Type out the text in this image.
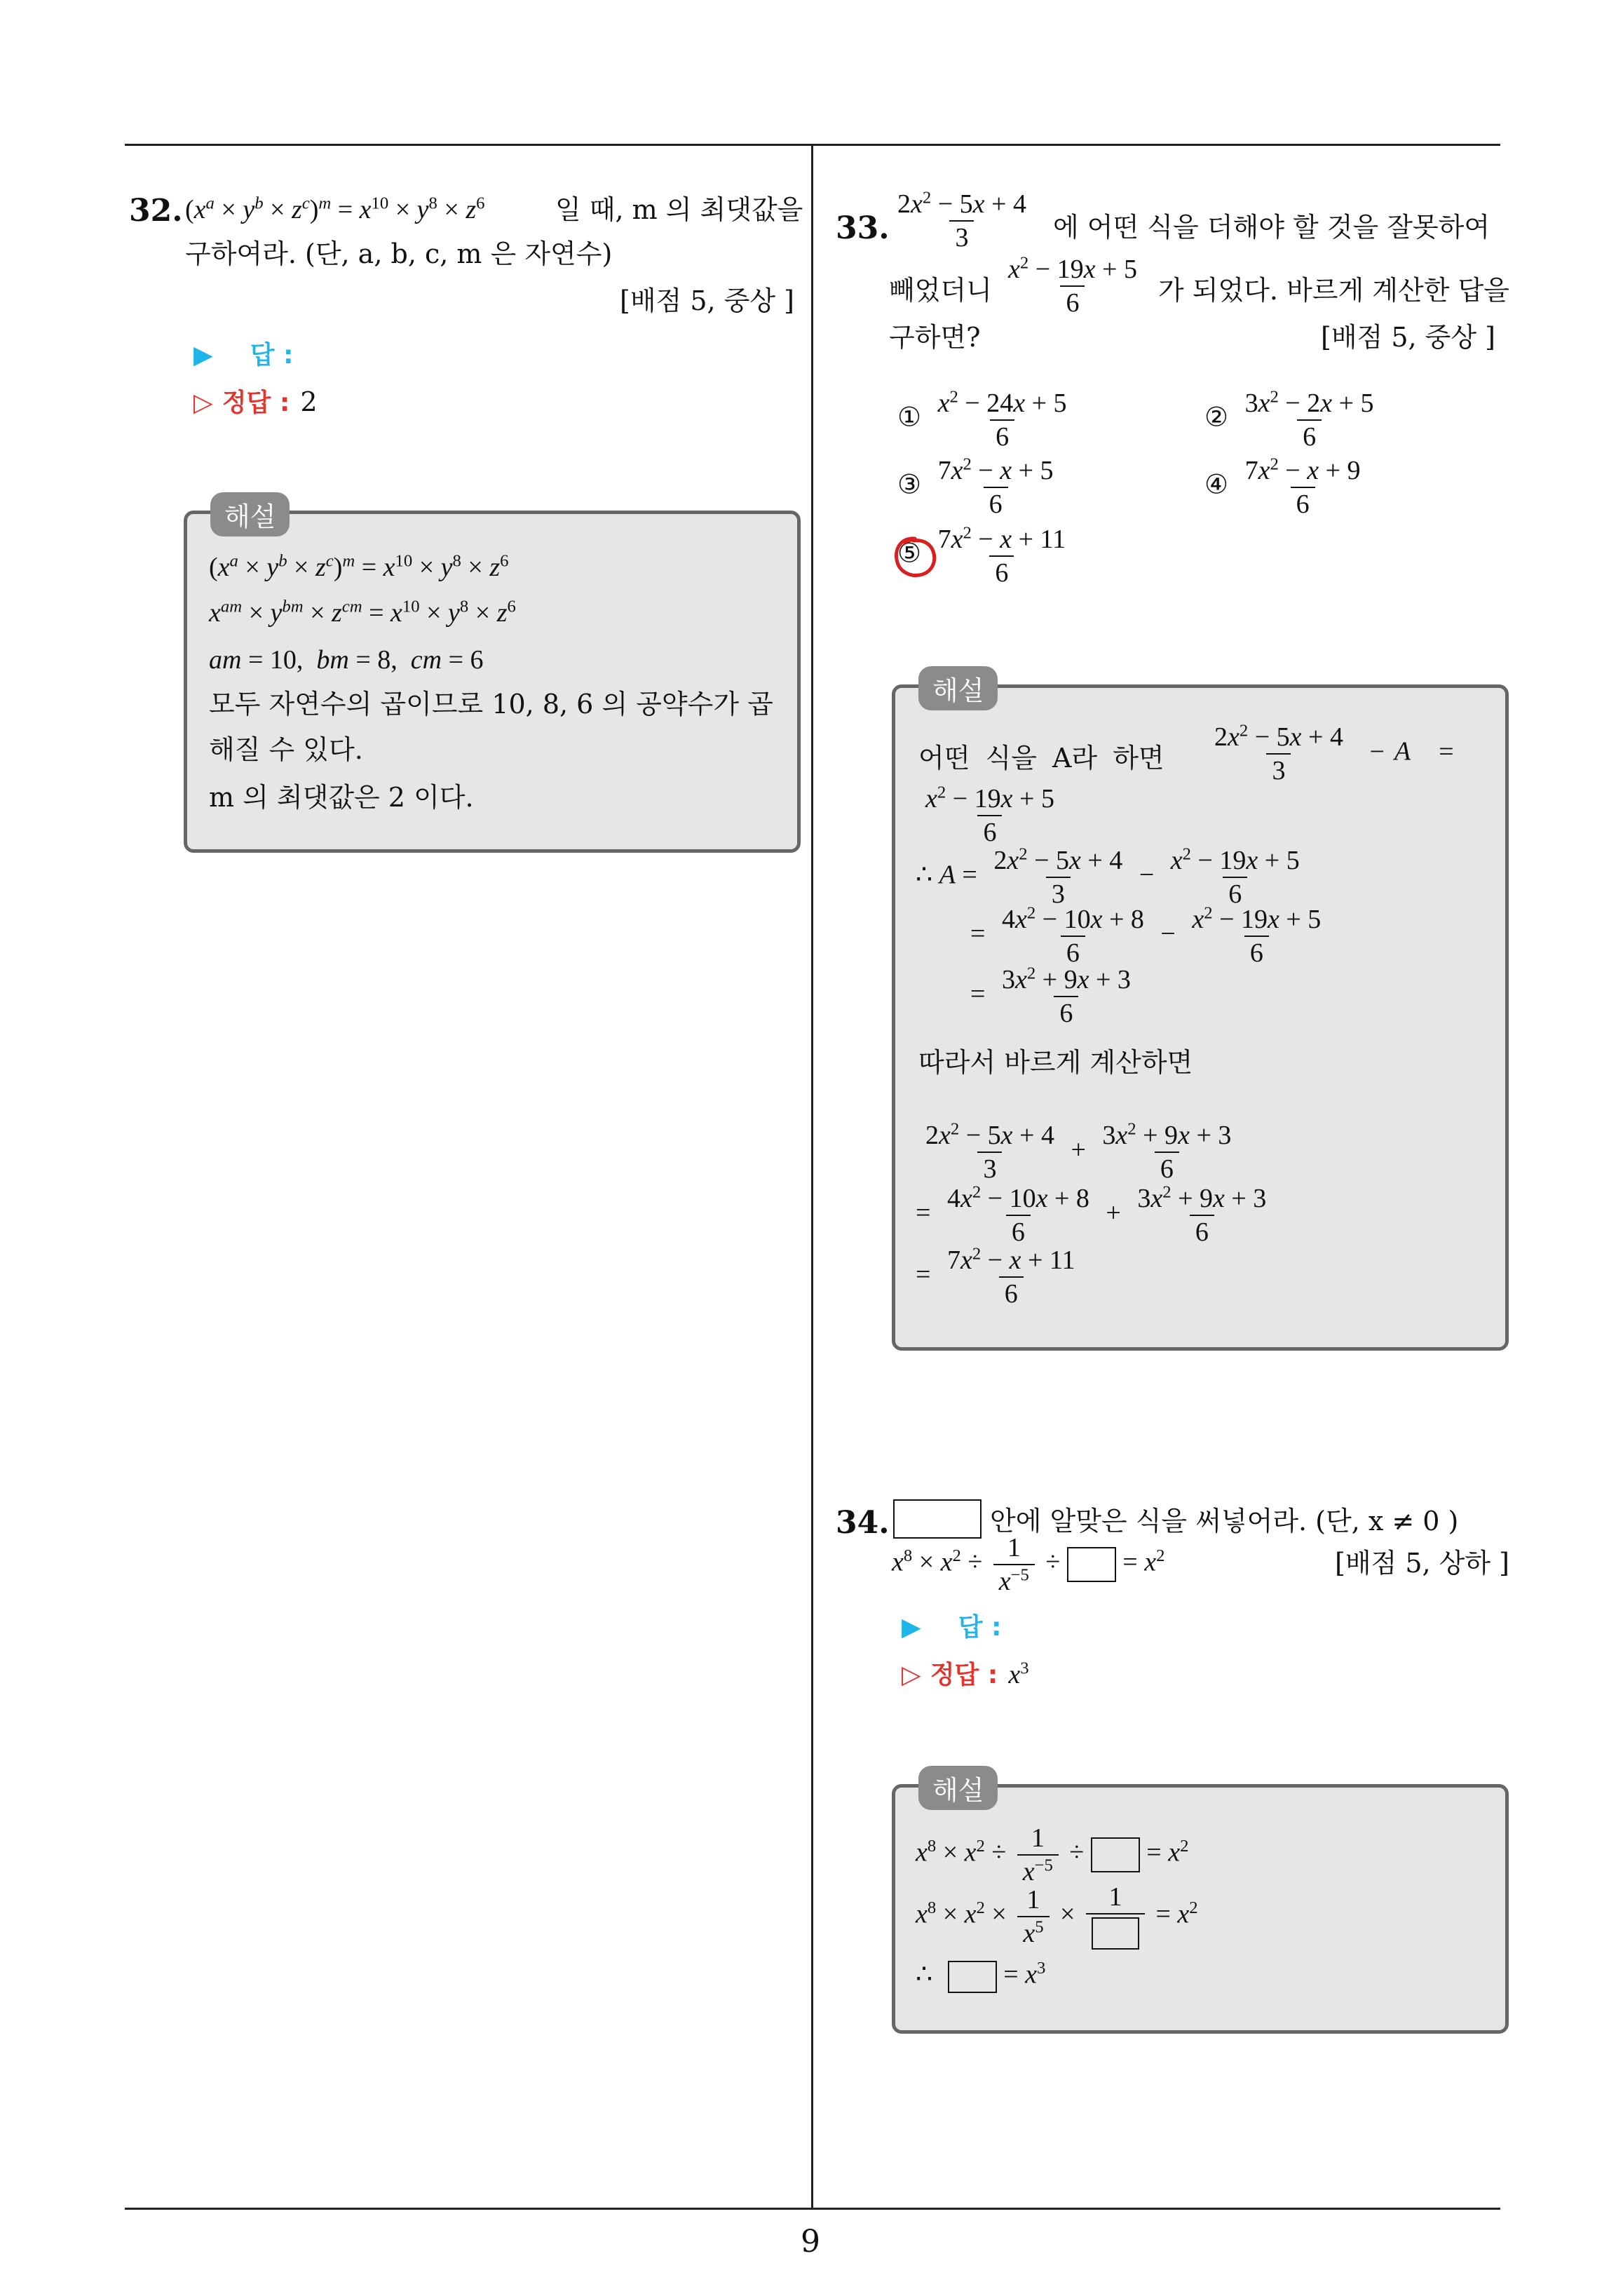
9
32. $(x^a \times y^b \times z^c)^m = x^{10} \times y^8 \times z^6$	일 때, m 의 최댓값을
구하여라. (단, a, b, c, m 은 자연수)
[배점 5, 중상 ]
▶ 답 :
▷ 정답 : 2
해설
$(x^a \times y^b \times z^c)^m = x^{10} \times y^8 \times z^6$
$x^{am} \times y^{bm} \times z^{cm} = x^{10} \times y^8 \times z^6$
am = 10,  bm = 8,  cm = 6
모두 자연수의 곱이므로 10, 8, 6 의 공약수가 곱
해질 수 있다.
m 의 최댓값은 2 이다.
33. $\frac{2x^2 - 5x + 4}{3}$ 에 어떤 식을 더해야 할 것을 잘못하여
빼었더니 $\frac{x^2 - 19x + 5}{6}$ 가 되었다. 바르게 계산한 답을
구하면?	[배점 5, 중상 ]
① $\frac{x^2 - 24x + 5}{6}$	② $\frac{3x^2 - 2x + 5}{6}$
③ $\frac{7x^2 - x + 5}{6}$	④ $\frac{7x^2 - x + 9}{6}$
⑤ $\frac{7x^2 - x + 11}{6}$
해설
어떤 식을 A라 하면 $\frac{2x^2 - 5x + 4}{3} - A$ =
$\frac{x^2 - 19x + 5}{6}$
∴ $A = \frac{2x^2 - 5x + 4}{3} - \frac{x^2 - 19x + 5}{6}$
= $\frac{4x^2 - 10x + 8}{6} - \frac{x^2 - 19x + 5}{6}$
= $\frac{3x^2 + 9x + 3}{6}$
따라서 바르게 계산하면
$\frac{2x^2 - 5x + 4}{3} + \frac{3x^2 + 9x + 3}{6}$
= $\frac{4x^2 - 10x + 8}{6} + \frac{3x^2 + 9x + 3}{6}$
= $\frac{7x^2 - x + 11}{6}$
34.	안에 알맞은 식을 써넣어라. (단, x ≠ 0 )
$x^8 \times x^2 \div \frac{1}{x^{-5}}$ ÷  = $x^2$	[배점 5, 상하 ]
▶ 답 :
▷ 정답 : $x^3$
해설
$x^8 \times x^2 \div \frac{1}{x^{-5}}$ ÷  = $x^2$
$x^8 \times x^2 \times \frac{1}{x^5}$ ×
1
= $x^2$
∴  = $x^3$
